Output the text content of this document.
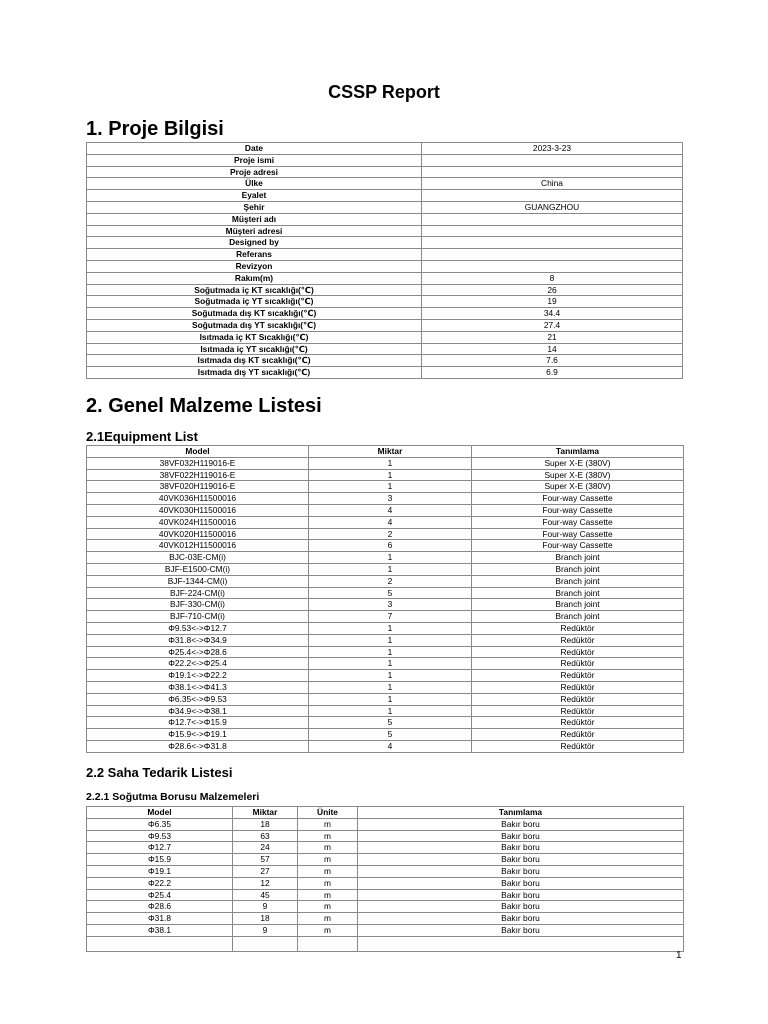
CSSP Report
1. Proje Bilgisi
Date	2023-3-23
Proje ismi	
Proje adresi	
Ülke	China
Eyalet	
Şehir	GUANGZHOU
Müşteri adı	
Müşteri adresi	
Designed by	
Referans	
Revizyon	
Rakım(m)	8
Soğutmada iç KT sıcaklığı(℃)	26
Soğutmada iç YT sıcaklığı(℃)	19
Soğutmada dış KT sıcaklığı(℃)	34.4
Soğutmada dış YT sıcaklığı(℃)	27.4
Isıtmada iç KT Sıcaklığı(℃)	21
Isıtmada iç YT sıcaklığı(℃)	14
Isıtmada dış KT sıcaklığı(℃)	7.6
Isıtmada dış YT sıcaklığı(℃)	6.9
2. Genel Malzeme Listesi
2.1Equipment List
Model	Miktar	Tanımlama
38VF032H119016-E	1	Super X-E (380V)
38VF022H119016-E	1	Super X-E (380V)
38VF020H119016-E	1	Super X-E (380V)
40VK036H11500016	3	Four-way Cassette
40VK030H11500016	4	Four-way Cassette
40VK024H11500016	4	Four-way Cassette
40VK020H11500016	2	Four-way Cassette
40VK012H11500016	6	Four-way Cassette
BJC-03E-CM(i)	1	Branch joint
BJF-E1500-CM(i)	1	Branch joint
BJF-1344-CM(i)	2	Branch joint
BJF-224-CM(i)	5	Branch joint
BJF-330-CM(i)	3	Branch joint
BJF-710-CM(i)	7	Branch joint
Φ9.53<->Φ12.7	1	Redüktör
Φ31.8<->Φ34.9	1	Redüktör
Φ25.4<->Φ28.6	1	Redüktör
Φ22.2<->Φ25.4	1	Redüktör
Φ19.1<->Φ22.2	1	Redüktör
Φ38.1<->Φ41.3	1	Redüktör
Φ6.35<->Φ9.53	1	Redüktör
Φ34.9<->Φ38.1	1	Redüktör
Φ12.7<->Φ15.9	5	Redüktör
Φ15.9<->Φ19.1	5	Redüktör
Φ28.6<->Φ31.8	4	Redüktör
2.2 Saha Tedarik Listesi
2.2.1 Soğutma Borusu Malzemeleri
Model	Miktar	Ünite	Tanımlama
Φ6.35	18	m	Bakır boru
Φ9.53	63	m	Bakır boru
Φ12.7	24	m	Bakır boru
Φ15.9	57	m	Bakır boru
Φ19.1	27	m	Bakır boru
Φ22.2	12	m	Bakır boru
Φ25.4	45	m	Bakır boru
Φ28.6	9	m	Bakır boru
Φ31.8	18	m	Bakır boru
Φ38.1	9	m	Bakır boru

1
